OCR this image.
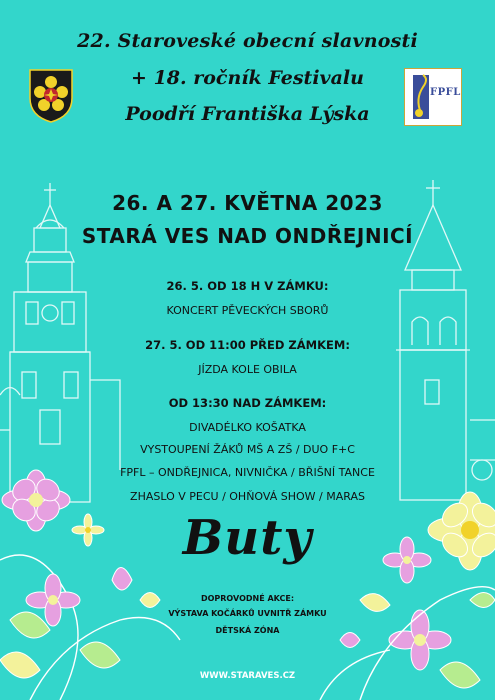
FPFL
22. Staroveské obecní slavnosti
+ 18. ročník Festivalu
Poodří Františka Lýska
26. A 27. KVĚTNA 2023
STARÁ VES NAD ONDŘEJNICÍ
26. 5. OD 18 H V ZÁMKU:
KONCERT PĚVECKÝCH SBORŮ
27. 5. OD 11:00 PŘED ZÁMKEM:
JÍZDA KOLE OBILA
OD 13:30 NAD ZÁMKEM:
DIVADÉLKO KOŠATKA
VYSTOUPENÍ ŽÁKŮ MŠ A ZŠ / DUO F+C
FPFL – ONDŘEJNICA, NIVNIČKA / BŘIŠNÍ TANCE
ZHASLO V PECU / OHŇOVÁ SHOW / MARAS
Buty
DOPROVODNÉ AKCE:
VÝSTAVA KOČÁRKŮ UVNITŘ ZÁMKU
DĚTSKÁ ZÓNA
WWW.STARAVES.CZ
